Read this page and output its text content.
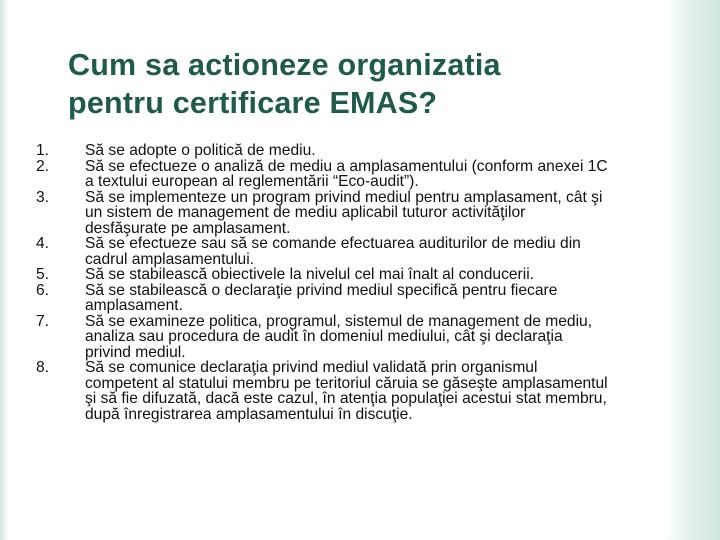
Cum sa actioneze organizatia
pentru certificare EMAS?
1.	Să se adopte o politică de mediu.
2.	Să se efectueze o analiză de mediu a amplasamentului (conform anexei 1C
a textului european al reglementării “Eco-audit”).
3.	Să se implementeze un program privind mediul pentru amplasament, cât şi
un sistem de management de mediu aplicabil tuturor activităţilor
desfăşurate pe amplasament.
4.	Să se efectueze sau să se comande efectuarea auditurilor de mediu din
cadrul amplasamentului.
5.	Să se stabilească obiectivele la nivelul cel mai înalt al conducerii.
6.	Să se stabilească o declaraţie privind mediul specifică pentru fiecare
amplasament.
7.	Să se examineze politica, programul, sistemul de management de mediu,
analiza sau procedura de audit în domeniul mediului, cât şi declaraţia
privind mediul.
8.	Să se comunice declaraţia privind mediul validată prin organismul
competent al statului membru pe teritoriul căruia se găseşte amplasamentul
şi să fie difuzată, dacă este cazul, în atenţia populaţiei acestui stat membru,
după înregistrarea amplasamentului în discuţie.
